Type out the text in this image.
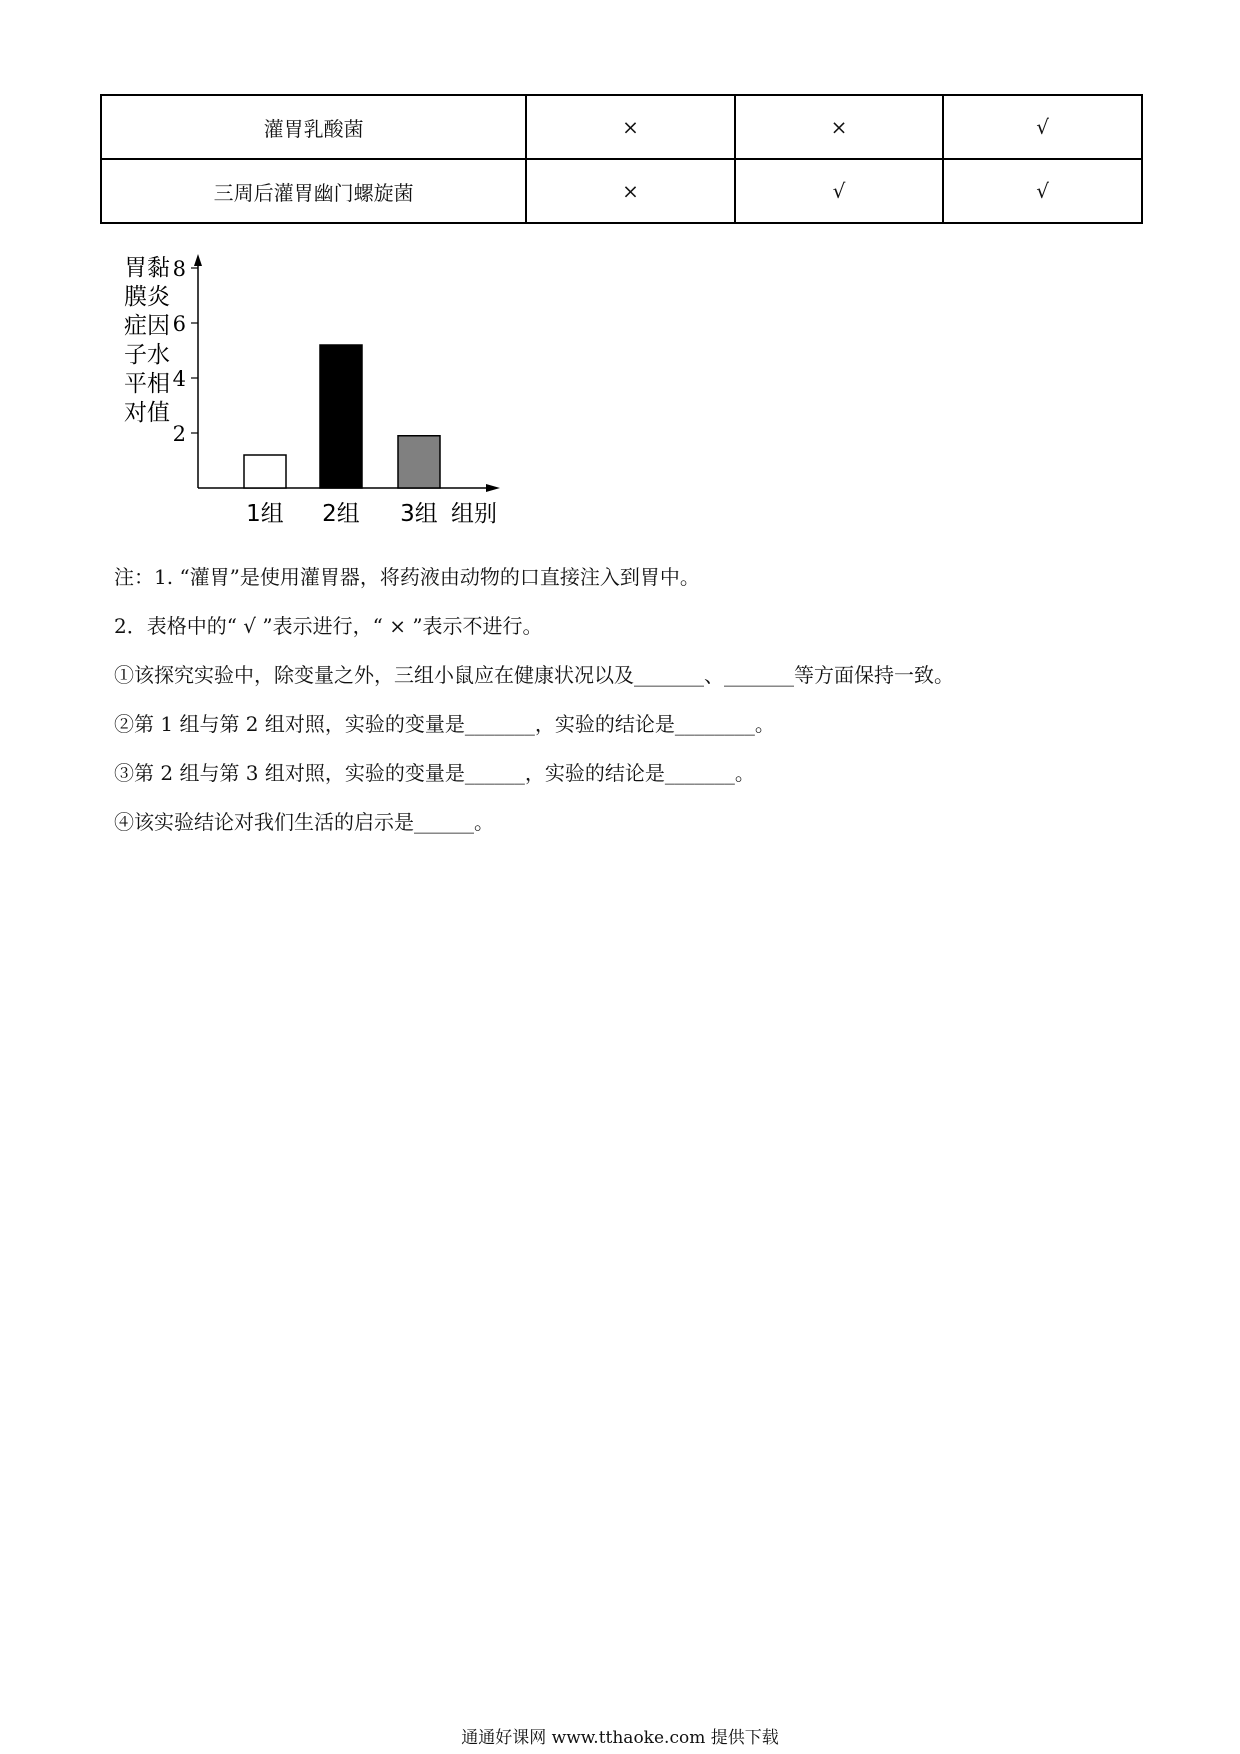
灌胃乳酸菌	×	×	√
三周后灌胃幽门螺旋菌	×	√	√
2
4
6
8
胃黏
膜炎
症因
子水
平相
对值
1组 2组 3组 组别

注：1. “灌胃”是使用灌胃器，将药液由动物的口直接注入到胃中。

2．表格中的“ √ ”表示进行，“ × ”表示不进行。

①该探究实验中，除变量之外，三组小鼠应在健康状况以及_______、_______等方面保持一致。

②第 1 组与第 2 组对照，实验的变量是_______，实验的结论是________。

③第 2 组与第 3 组对照，实验的变量是______，实验的结论是_______。

④该实验结论对我们生活的启示是______。

通通好课网 www.tthaoke.com 提供下载
